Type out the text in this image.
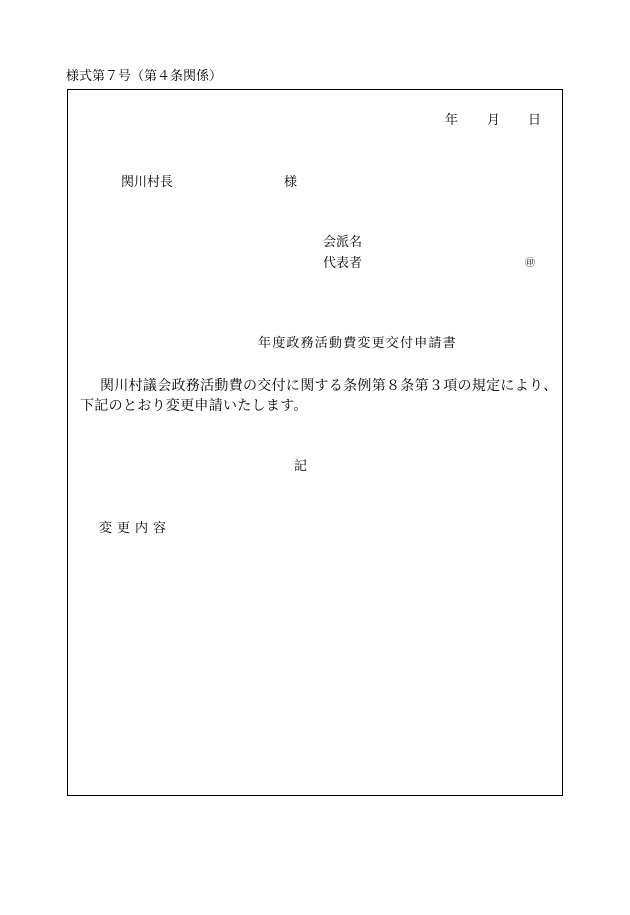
様式第７号（第４条関係）
年 月 日
関川村長	様
会派名
代表者	㊞
年度政務活動費変更交付申請書

関川村議会政務活動費の交付に関する条例第８条第３項の規定により、

下記のとおり変更申請いたします。

記
変更内容
